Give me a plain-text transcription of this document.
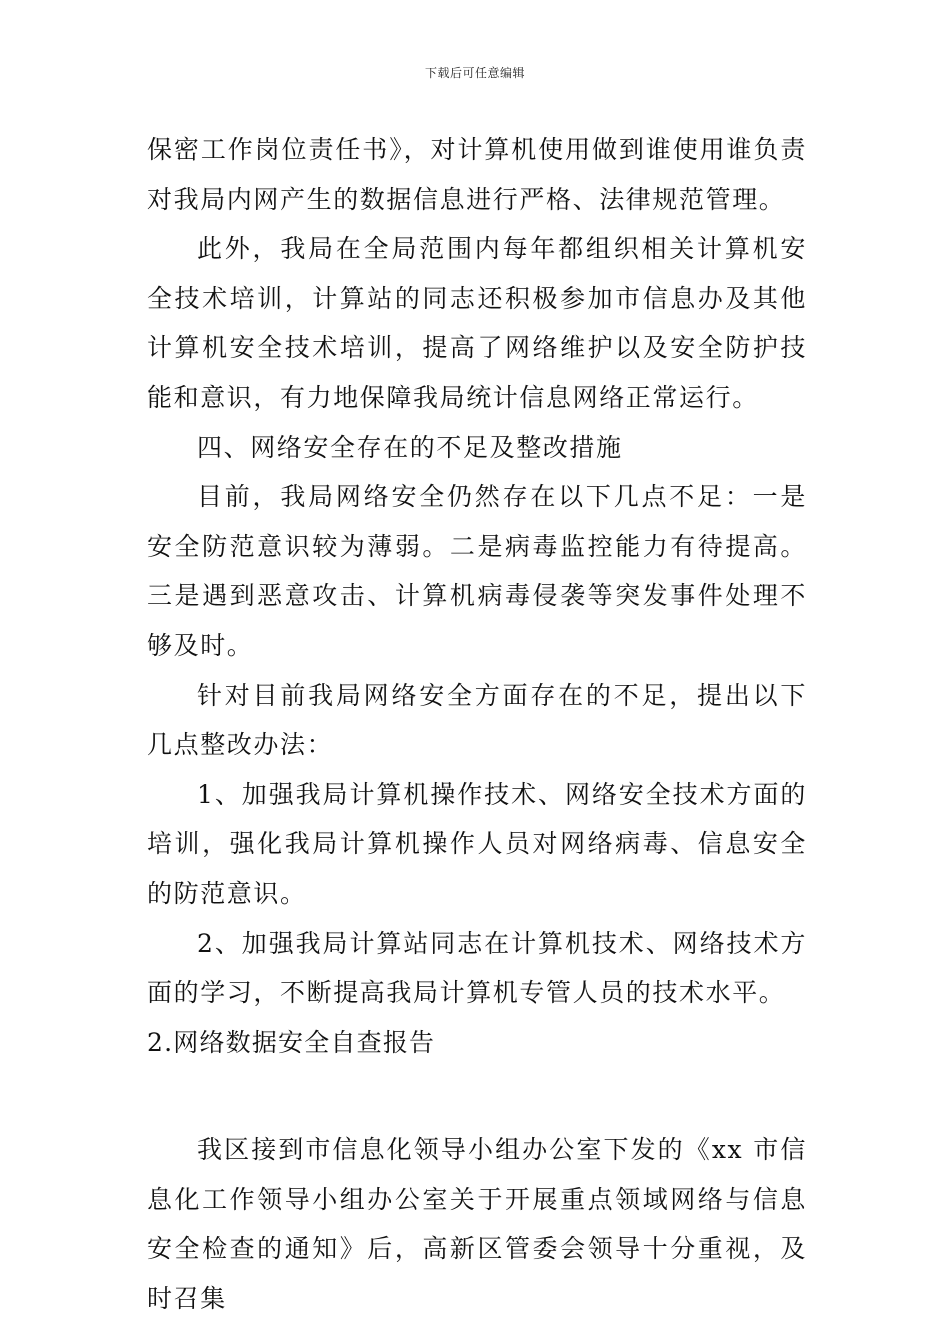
下载后可任意编辑

保密工作岗位责任书》，对计算机使用做到谁使用谁负责对我局内网产生的数据信息进行严格、法律规范管理。

此外，我局在全局范围内每年都组织相关计算机安全技术培训，计算站的同志还积极参加市信息办及其他计算机安全技术培训，提高了网络维护以及安全防护技能和意识，有力地保障我局统计信息网络正常运行。

四、网络安全存在的不足及整改措施

目前，我局网络安全仍然存在以下几点不足：一是安全防范意识较为薄弱。二是病毒监控能力有待提高。三是遇到恶意攻击、计算机病毒侵袭等突发事件处理不够及时。

针对目前我局网络安全方面存在的不足，提出以下几点整改办法：

1、加强我局计算机操作技术、网络安全技术方面的培训，强化我局计算机操作人员对网络病毒、信息安全的防范意识。

2、加强我局计算站同志在计算机技术、网络技术方面的学习，不断提高我局计算机专管人员的技术水平。

2.网络数据安全自查报告

我区接到市信息化领导小组办公室下发的《xx 市信息化工作领导小组办公室关于开展重点领域网络与信息安全检查的通知》后，高新区管委会领导十分重视，及时召集
